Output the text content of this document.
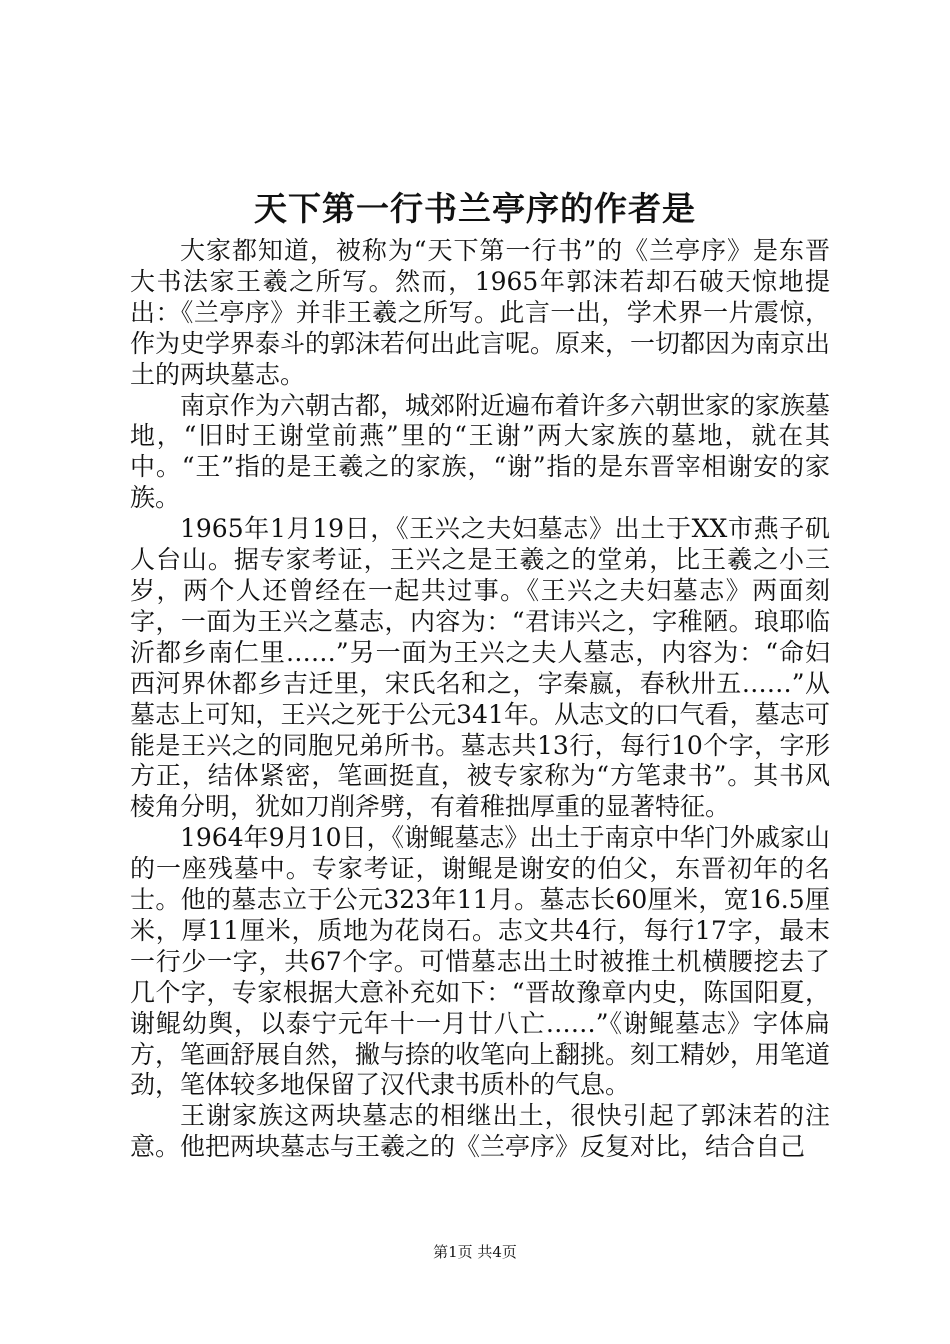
天下第一行书兰亭序的作者是

大家都知道，被称为“天下第一行书”的《兰亭序》是东晋大书法家王羲之所写。然而，1965年郭沫若却石破天惊地提出：《兰亭序》并非王羲之所写。此言一出，学术界一片震惊，作为史学界泰斗的郭沫若何出此言呢。原来，一切都因为南京出土的两块墓志。

南京作为六朝古都，城郊附近遍布着许多六朝世家的家族墓地，“旧时王谢堂前燕”里的“王谢”两大家族的墓地，就在其中。“王”指的是王羲之的家族，“谢”指的是东晋宰相谢安的家族。

1965年1月19日，《王兴之夫妇墓志》出土于XX市燕子矶人台山。据专家考证，王兴之是王羲之的堂弟，比王羲之小三岁，两个人还曾经在一起共过事。《王兴之夫妇墓志》两面刻字，一面为王兴之墓志，内容为：“君讳兴之，字稚陋。琅耶临沂都乡南仁里……”另一面为王兴之夫人墓志，内容为：“命妇西河界休都乡吉迁里，宋氏名和之，字秦嬴，春秋卅五……”从墓志上可知，王兴之死于公元341年。从志文的口气看，墓志可能是王兴之的同胞兄弟所书。墓志共13行，每行10个字，字形方正，结体紧密，笔画挺直，被专家称为“方笔隶书”。其书风棱角分明，犹如刀削斧劈，有着稚拙厚重的显著特征。

1964年9月10日，《谢鲲墓志》出土于南京中华门外戚家山的一座残墓中。专家考证，谢鲲是谢安的伯父，东晋初年的名士。他的墓志立于公元323年11月。墓志长60厘米，宽16.5厘米，厚11厘米，质地为花岗石。志文共4行，每行17字，最末一行少一字，共67个字。可惜墓志出土时被推土机横腰挖去了几个字，专家根据大意补充如下：“晋故豫章内史，陈国阳夏，谢鲲幼舆，以泰宁元年十一月廿八亡……”《谢鲲墓志》字体扁方，笔画舒展自然，撇与捺的收笔向上翻挑。刻工精妙，用笔道劲，笔体较多地保留了汉代隶书质朴的气息。

王谢家族这两块墓志的相继出土，很快引起了郭沫若的注意。他把两块墓志与王羲之的《兰亭序》反复对比，结合自己

第1页 共4页
